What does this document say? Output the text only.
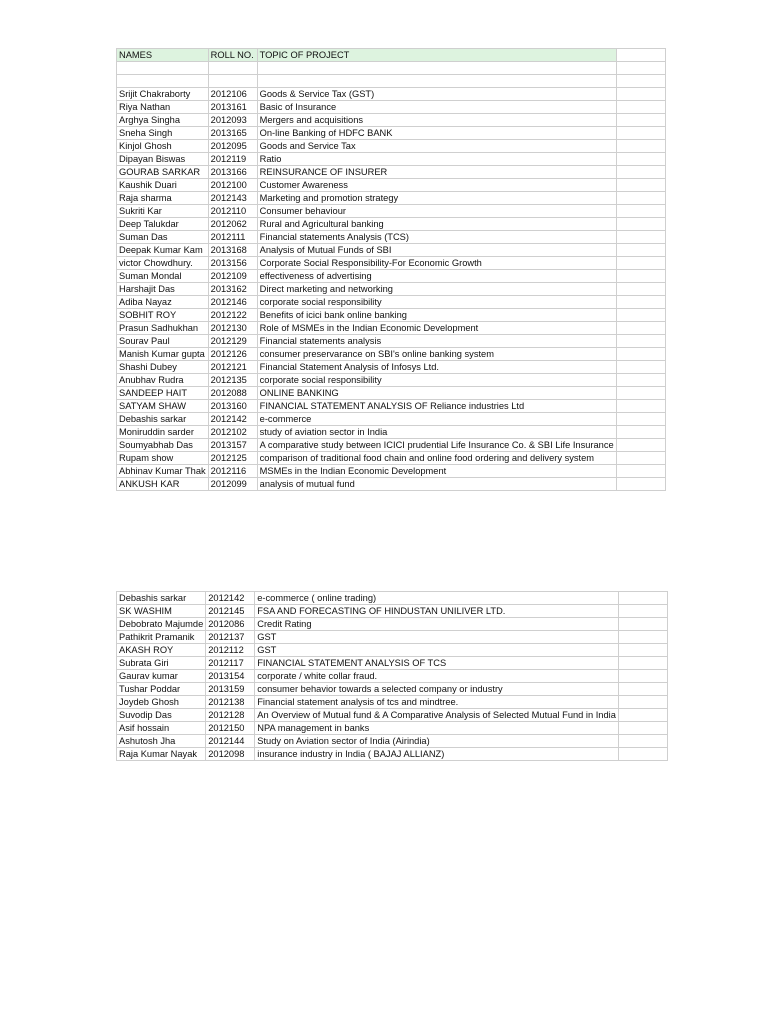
NAMES	ROLL NO.	TOPIC OF PROJECT	

Srijit Chakraborty	2012106	Goods & Service Tax (GST)	
Riya Nathan	2013161	Basic of Insurance	
Arghya Singha	2012093	Mergers and acquisitions	
Sneha Singh	2013165	On-line Banking of HDFC BANK	
Kinjol Ghosh	2012095	Goods and Service Tax	
Dipayan Biswas	2012119	Ratio	
GOURAB SARKAR	2013166	REINSURANCE OF INSURER	
Kaushik Duari	2012100	Customer Awareness	
Raja sharma	2012143	Marketing and promotion strategy	
Sukriti Kar	2012110	Consumer behaviour	
Deep Talukdar	2012062	Rural and Agricultural banking	
Suman Das	2012111	Financial statements Analysis (TCS)	
Deepak Kumar Kam	2013168	Analysis of Mutual Funds of SBI	
victor Chowdhury.	2013156	Corporate Social Responsibility-For Economic Growth	
Suman Mondal	2012109	effectiveness of advertising	
Harshajit Das	2013162	Direct marketing and networking	
Adiba Nayaz	2012146	corporate social responsibility	
SOBHIT ROY	2012122	Benefits of icici bank online banking	
Prasun Sadhukhan	2012130	Role of MSMEs in the Indian Economic Development	
Sourav Paul	2012129	Financial statements analysis	
Manish Kumar gupta	2012126	consumer preservarance on SBI's online banking system	
Shashi Dubey	2012121	Financial Statement Analysis of Infosys Ltd.	
Anubhav Rudra	2012135	corporate social responsibility	
SANDEEP HAIT	2012088	ONLINE BANKING	
SATYAM SHAW	2013160	FINANCIAL STATEMENT ANALYSIS OF Reliance industries Ltd	
Debashis sarkar	2012142	e-commerce	
Moniruddin sarder	2012102	study of aviation sector in India	
Soumyabhab Das	2013157	A comparative study between ICICI prudential Life Insurance Co. & SBI Life Insurance	
Rupam show	2012125	comparison of traditional food chain and online food ordering and delivery system	
Abhinav Kumar Thak	2012116	MSMEs in the Indian Economic Development	
ANKUSH KAR	2012099	analysis of mutual fund	
Debashis sarkar	2012142	e-commerce ( online trading)	
SK WASHIM	2012145	FSA AND FORECASTING OF HINDUSTAN UNILIVER LTD.	
Debobrato Majumde	2012086	Credit Rating	
Pathikrit Pramanik	2012137	GST	
AKASH ROY	2012112	GST	
Subrata Giri	2012117	FINANCIAL STATEMENT ANALYSIS OF TCS	
Gaurav kumar	2013154	corporate / white collar fraud.	
Tushar Poddar	2013159	consumer behavior towards a selected company or industry	
Joydeb Ghosh	2012138	Financial statement analysis of tcs and mindtree.	
Suvodip Das	2012128	An Overview of Mutual fund & A Comparative Analysis of Selected Mutual Fund in India	
Asif hossain	2012150	NPA management in banks	
Ashutosh Jha	2012144	Study on Aviation sector of India (Airindia)	
Raja Kumar Nayak	2012098	insurance industry in India ( BAJAJ ALLIANZ)	
